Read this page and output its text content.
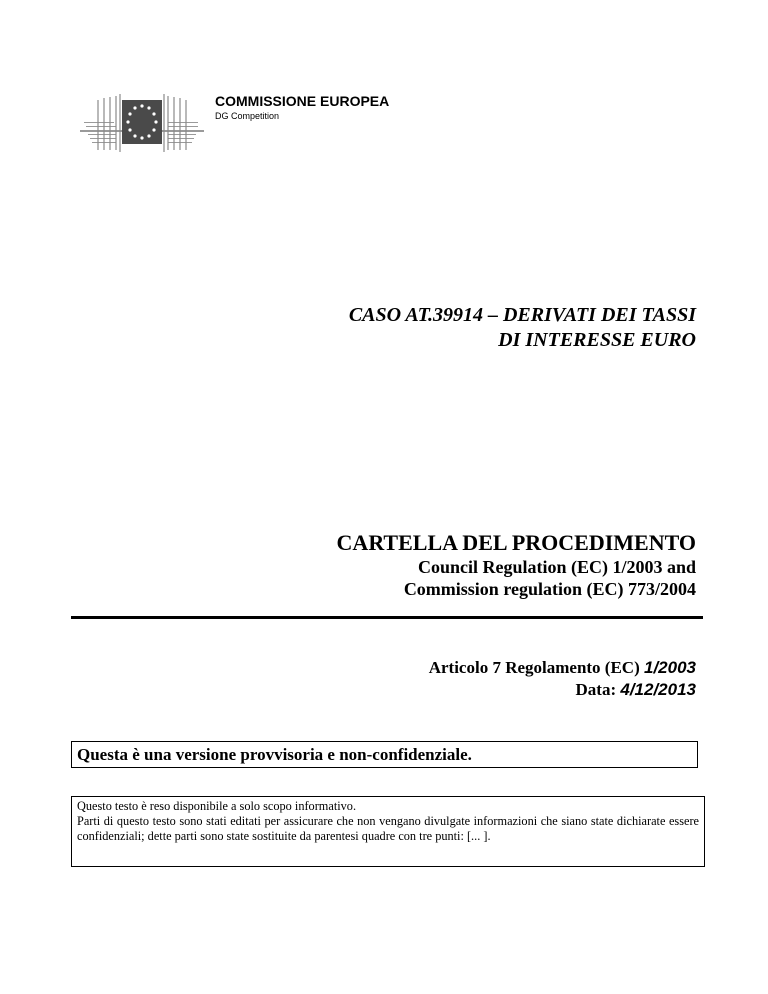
COMMISSIONE EUROPEA
DG Competition
CASO AT.39914 – DERIVATI DEI TASSI
DI INTERESSE EURO
CARTELLA DEL PROCEDIMENTO
Council Regulation (EC) 1/2003 and
Commission regulation (EC) 773/2004
Articolo 7 Regolamento (EC) 1/2003
Data: 4/12/2013
Questa è una versione provvisoria e non-confidenziale.

Questo testo è reso disponibile a solo scopo informativo.

Parti di questo testo sono stati editati per assicurare che non vengano divulgate informazioni che siano state dichiarate essere confidenziali; dette parti sono state sostituite da parentesi quadre con tre punti: [... ].
